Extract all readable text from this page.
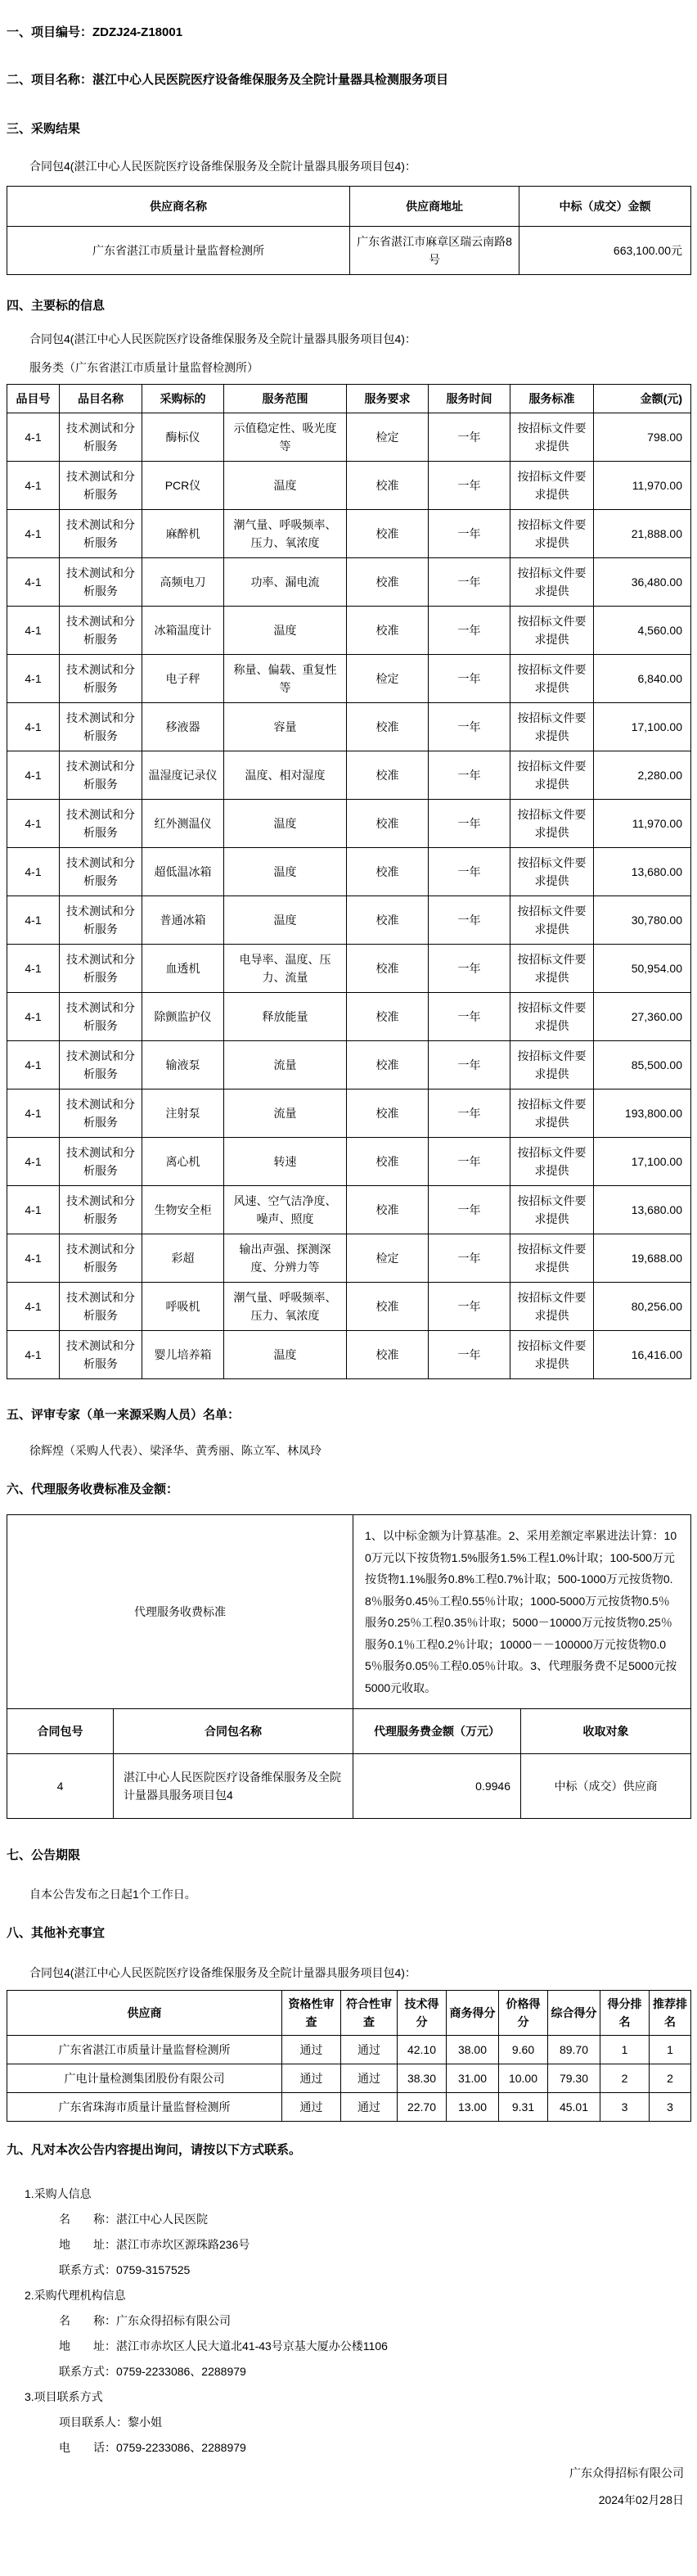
一、项目编号：ZDZJ24-Z18001

二、项目名称：湛江中心人民医院医疗设备维保服务及全院计量器具检测服务项目

三、采购结果

合同包4(湛江中心人民医院医疗设备维保服务及全院计量器具服务项目包4)：

供应商名称	供应商地址	中标（成交）金额
广东省湛江市质量计量监督检测所	广东省湛江市麻章区瑞云南路8号	663,100.00元

四、主要标的信息

合同包4(湛江中心人民医院医疗设备维保服务及全院计量器具服务项目包4)：

服务类（广东省湛江市质量计量监督检测所）

品目号	品目名称	采购标的	服务范围	服务要求	服务时间	服务标准	金额(元)
4-1	技术测试和分析服务	酶标仪	示值稳定性、吸光度等	检定	一年	按招标文件要求提供	798.00
4-1	技术测试和分析服务	PCR仪	温度	校准	一年	按招标文件要求提供	11,970.00
4-1	技术测试和分析服务	麻醉机	潮气量、呼吸频率、压力、氧浓度	校准	一年	按招标文件要求提供	21,888.00
4-1	技术测试和分析服务	高频电刀	功率、漏电流	校准	一年	按招标文件要求提供	36,480.00
4-1	技术测试和分析服务	冰箱温度计	温度	校准	一年	按招标文件要求提供	4,560.00
4-1	技术测试和分析服务	电子秤	称量、偏载、重复性等	检定	一年	按招标文件要求提供	6,840.00
4-1	技术测试和分析服务	移液器	容量	校准	一年	按招标文件要求提供	17,100.00
4-1	技术测试和分析服务	温湿度记录仪	温度、相对湿度	校准	一年	按招标文件要求提供	2,280.00
4-1	技术测试和分析服务	红外测温仪	温度	校准	一年	按招标文件要求提供	11,970.00
4-1	技术测试和分析服务	超低温冰箱	温度	校准	一年	按招标文件要求提供	13,680.00
4-1	技术测试和分析服务	普通冰箱	温度	校准	一年	按招标文件要求提供	30,780.00
4-1	技术测试和分析服务	血透机	电导率、温度、压力、流量	校准	一年	按招标文件要求提供	50,954.00
4-1	技术测试和分析服务	除颤监护仪	释放能量	校准	一年	按招标文件要求提供	27,360.00
4-1	技术测试和分析服务	输液泵	流量	校准	一年	按招标文件要求提供	85,500.00
4-1	技术测试和分析服务	注射泵	流量	校准	一年	按招标文件要求提供	193,800.00
4-1	技术测试和分析服务	离心机	转速	校准	一年	按招标文件要求提供	17,100.00
4-1	技术测试和分析服务	生物安全柜	风速、空气洁净度、噪声、照度	校准	一年	按招标文件要求提供	13,680.00
4-1	技术测试和分析服务	彩超	输出声强、探测深度、分辨力等	检定	一年	按招标文件要求提供	19,688.00
4-1	技术测试和分析服务	呼吸机	潮气量、呼吸频率、压力、氧浓度	校准	一年	按招标文件要求提供	80,256.00
4-1	技术测试和分析服务	婴儿培养箱	温度	校准	一年	按招标文件要求提供	16,416.00

五、评审专家（单一来源采购人员）名单：

徐辉煌（采购人代表）、梁泽华、黄秀丽、陈立军、林凤玲

六、代理服务收费标准及金额：

代理服务收费标准		1、以中标金额为计算基准。2、采用差额定率累进法计算：100万元以下按货物1.5%服务1.5%工程1.0%计取；100-500万元按货物1.1%服务0.8%工程0.7%计取；500-1000万元按货物0.8％服务0.45％工程0.55％计取；1000-5000万元按货物0.5％服务0.25％工程0.35％计取；5000－10000万元按货物0.25％服务0.1％工程0.2％计取；10000－－100000万元按货物0.05％服务0.05％工程0.05％计取。3、代理服务费不足5000元按5000元收取。	
合同包号	合同包名称	代理服务费金额（万元）	收取对象
4	湛江中心人民医院医疗设备维保服务及全院计量器具服务项目包4	0.9946	中标（成交）供应商

七、公告期限

自本公告发布之日起1个工作日。

八、其他补充事宜

合同包4(湛江中心人民医院医疗设备维保服务及全院计量器具服务项目包4)：

供应商	资格性审查	符合性审查	技术得分	商务得分	价格得分	综合得分	得分排名	推荐排名
广东省湛江市质量计量监督检测所	通过	通过	42.10	38.00	9.60	89.70	1	1
广电计量检测集团股份有限公司	通过	通过	38.30	31.00	10.00	79.30	2	2
广东省珠海市质量计量监督检测所	通过	通过	22.70	13.00	9.31	45.01	3	3

九、凡对本次公告内容提出询问，请按以下方式联系。

1.采购人信息

名　　称：湛江中心人民医院

地　　址：湛江市赤坎区源珠路236号

联系方式：0759-3157525

2.采购代理机构信息

名　　称：广东众得招标有限公司

地　　址：湛江市赤坎区人民大道北41-43号京基大厦办公楼1106

联系方式：0759-2233086、2288979

3.项目联系方式

项目联系人：黎小姐

电　　话：0759-2233086、2288979

广东众得招标有限公司

2024年02月28日
